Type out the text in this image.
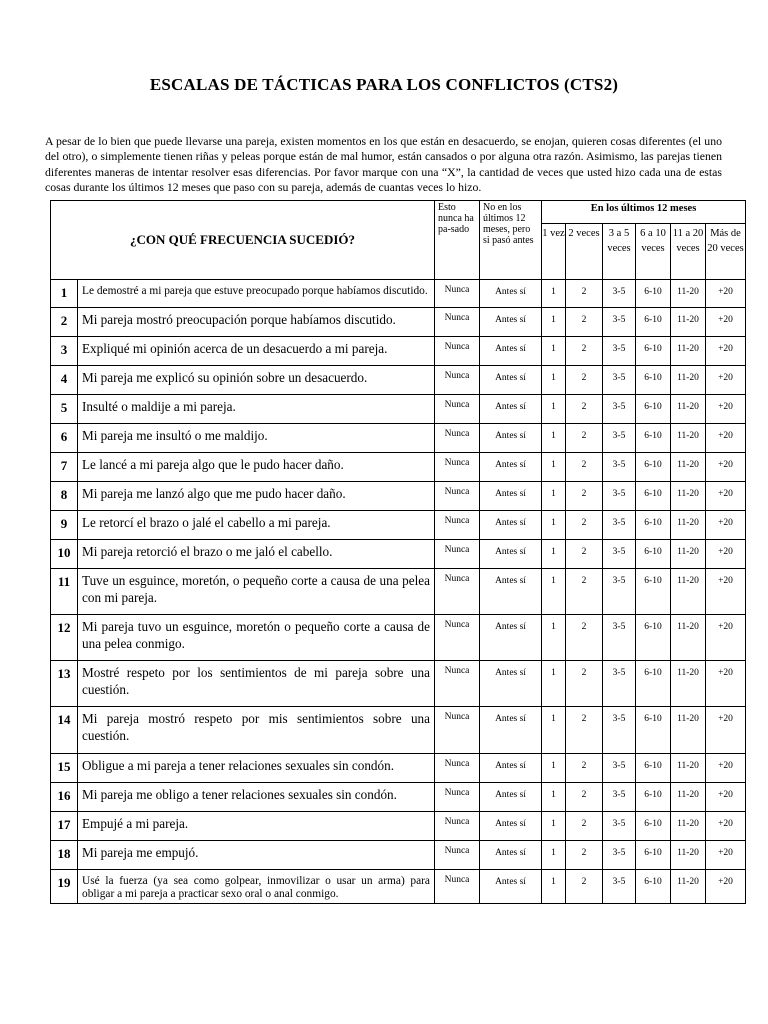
ESCALAS DE TÁCTICAS PARA LOS CONFLICTOS (CTS2)
A pesar de lo bien que puede llevarse una pareja, existen momentos en los que están en desacuerdo, se enojan, quieren cosas diferentes (el uno del otro), o simplemente tienen riñas y peleas porque están de mal humor, están cansados o por alguna otra razón. Asimismo, las parejas tienen diferentes maneras de intentar resolver esas diferencias. Por favor marque con una “X”, la cantidad de veces que usted hizo cada una de estas cosas durante los últimos 12 meses que paso con su pareja, además de cuantas veces lo hizo.
¿CON QUÉ FRECUENCIA SUCEDIÓ?		Esto nunca ha pa-sado	No en los últimos 12 meses, pero si pasó antes	En los últimos 12 meses					
				1 vez	2 veces	3 a 5 veces	6 a 10 veces	11 a 20 veces	Más de 20 veces
1	Le demostré a mi pareja que estuve preocupado porque habíamos discutido.	Nunca	Antes sí	1	2	3-5	6-10	11-20	+20
2	Mi pareja mostró preocupación porque habíamos discutido.	Nunca	Antes sí	1	2	3-5	6-10	11-20	+20
3	Expliqué mi opinión acerca de un desacuerdo a mi pareja.	Nunca	Antes sí	1	2	3-5	6-10	11-20	+20
4	Mi pareja me explicó su opinión sobre un desacuerdo.	Nunca	Antes sí	1	2	3-5	6-10	11-20	+20
5	Insulté o maldije a mi pareja.	Nunca	Antes sí	1	2	3-5	6-10	11-20	+20
6	Mi pareja me insultó o me maldijo.	Nunca	Antes sí	1	2	3-5	6-10	11-20	+20
7	Le lancé a mi pareja algo que le pudo hacer daño.	Nunca	Antes sí	1	2	3-5	6-10	11-20	+20
8	Mi pareja me lanzó algo que me pudo hacer daño.	Nunca	Antes sí	1	2	3-5	6-10	11-20	+20
9	Le retorcí el brazo o jalé el cabello a mi pareja.	Nunca	Antes sí	1	2	3-5	6-10	11-20	+20
10	Mi pareja retorció el brazo o me jaló el cabello.	Nunca	Antes sí	1	2	3-5	6-10	11-20	+20
11	Tuve un esguince, moretón, o pequeño corte a causa de una pelea con mi pareja.	Nunca	Antes sí	1	2	3-5	6-10	11-20	+20
12	Mi pareja tuvo un esguince, moretón o pequeño corte a causa de una pelea conmigo.	Nunca	Antes sí	1	2	3-5	6-10	11-20	+20
13	Mostré respeto por los sentimientos de mi pareja sobre una cuestión.	Nunca	Antes sí	1	2	3-5	6-10	11-20	+20
14	Mi pareja mostró respeto por mis sentimientos sobre una cuestión.	Nunca	Antes sí	1	2	3-5	6-10	11-20	+20
15	Obligue a mi pareja a tener relaciones sexuales sin condón.	Nunca	Antes sí	1	2	3-5	6-10	11-20	+20
16	Mi pareja me obligo a tener relaciones sexuales sin condón.	Nunca	Antes sí	1	2	3-5	6-10	11-20	+20
17	Empujé a mi pareja.	Nunca	Antes sí	1	2	3-5	6-10	11-20	+20
18	Mi pareja me empujó.	Nunca	Antes sí	1	2	3-5	6-10	11-20	+20
19	Usé la fuerza (ya sea como golpear, inmovilizar o usar un arma) para obligar a mi pareja a practicar sexo oral o anal conmigo.	Nunca	Antes sí	1	2	3-5	6-10	11-20	+20
